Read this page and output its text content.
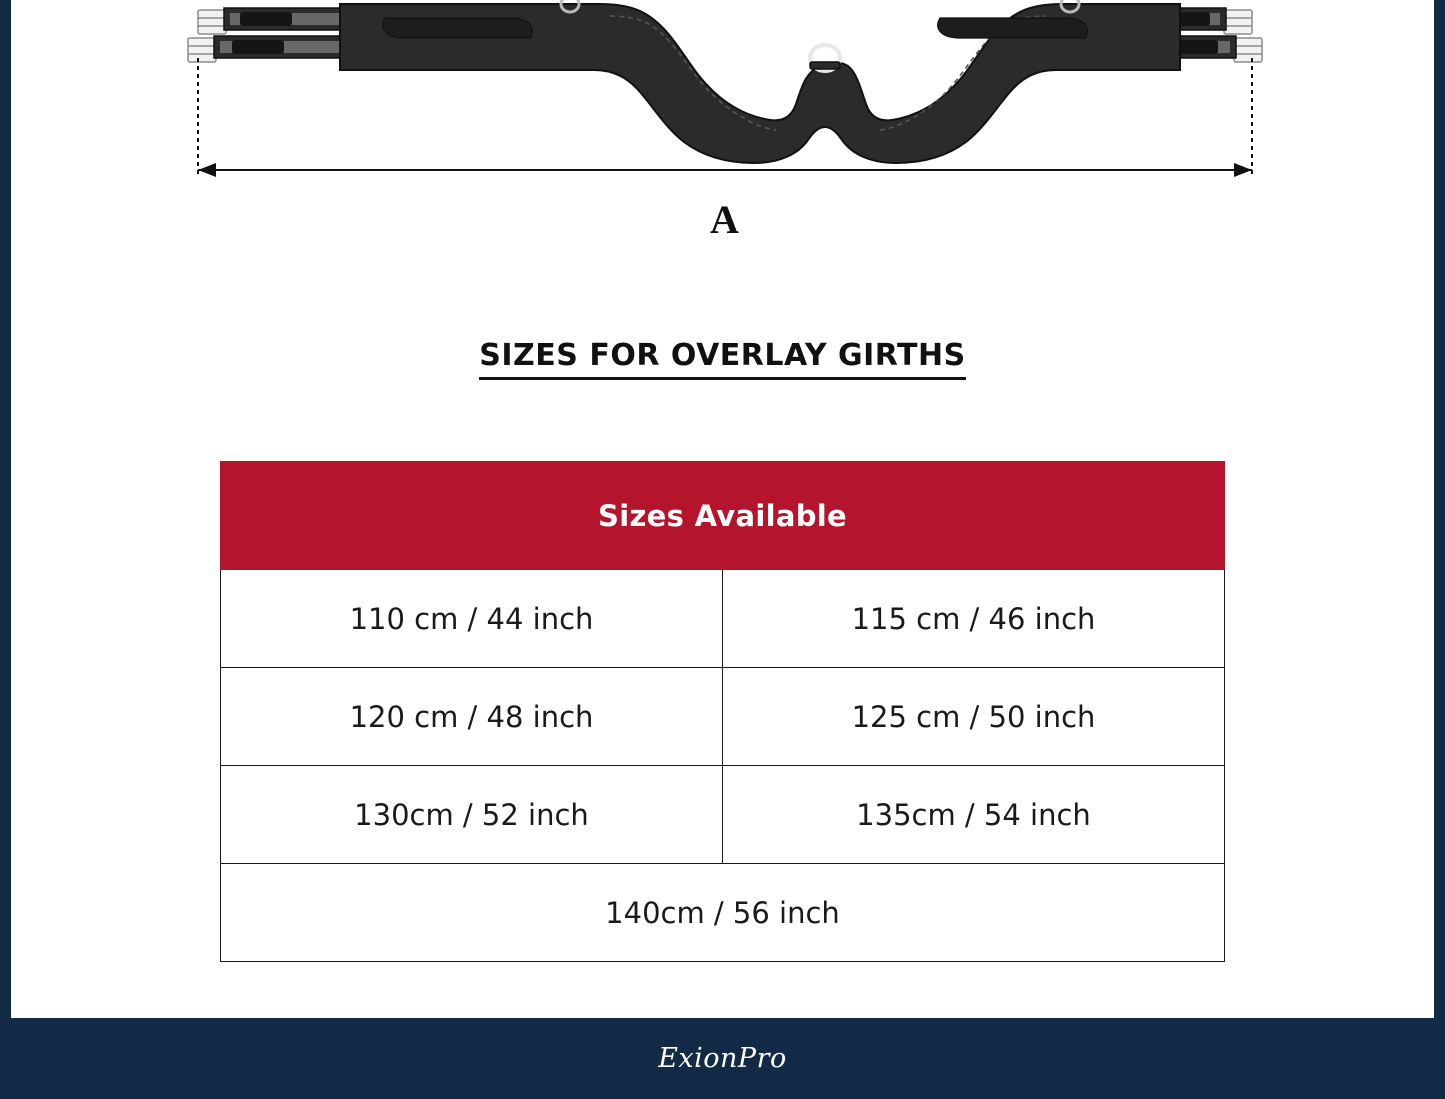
A
SIZES FOR OVERLAY GIRTHS
Sizes Available	
110 cm / 44 inch	115 cm / 46 inch
120 cm / 48 inch	125 cm / 50 inch
130cm / 52 inch	135cm / 54 inch
140cm / 56 inch	
ExionPro
